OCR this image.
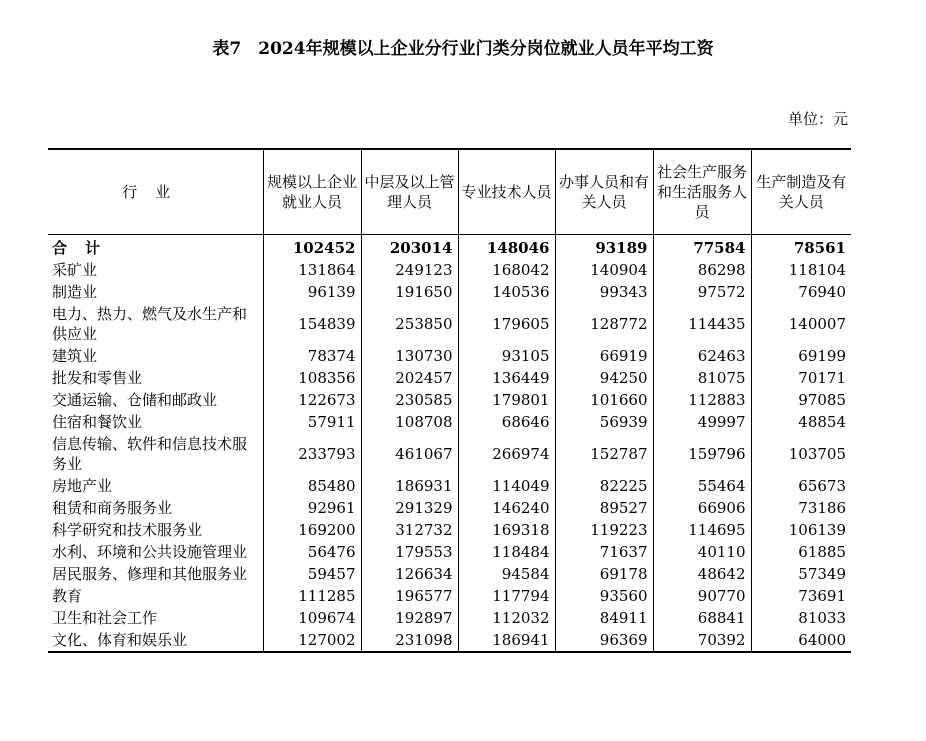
表7　2024年规模以上企业分行业门类分岗位就业人员年平均工资
单位：元
行业	规模以上企业就业人员	中层及以上管理人员	专业技术人员	办事人员和有关人员	社会生产服务和生活服务人员	生产制造及有关人员
合计	102452	203014	148046	93189	77584	78561
采矿业	131864	249123	168042	140904	86298	118104
制造业	96139	191650	140536	99343	97572	76940
电力、热力、燃气及水生产和供应业	154839	253850	179605	128772	114435	140007
建筑业	78374	130730	93105	66919	62463	69199
批发和零售业	108356	202457	136449	94250	81075	70171
交通运输、仓储和邮政业	122673	230585	179801	101660	112883	97085
住宿和餐饮业	57911	108708	68646	56939	49997	48854
信息传输、软件和信息技术服务业	233793	461067	266974	152787	159796	103705
房地产业	85480	186931	114049	82225	55464	65673
租赁和商务服务业	92961	291329	146240	89527	66906	73186
科学研究和技术服务业	169200	312732	169318	119223	114695	106139
水利、环境和公共设施管理业	56476	179553	118484	71637	40110	61885
居民服务、修理和其他服务业	59457	126634	94584	69178	48642	57349
教育	111285	196577	117794	93560	90770	73691
卫生和社会工作	109674	192897	112032	84911	68841	81033
文化、体育和娱乐业	127002	231098	186941	96369	70392	64000
